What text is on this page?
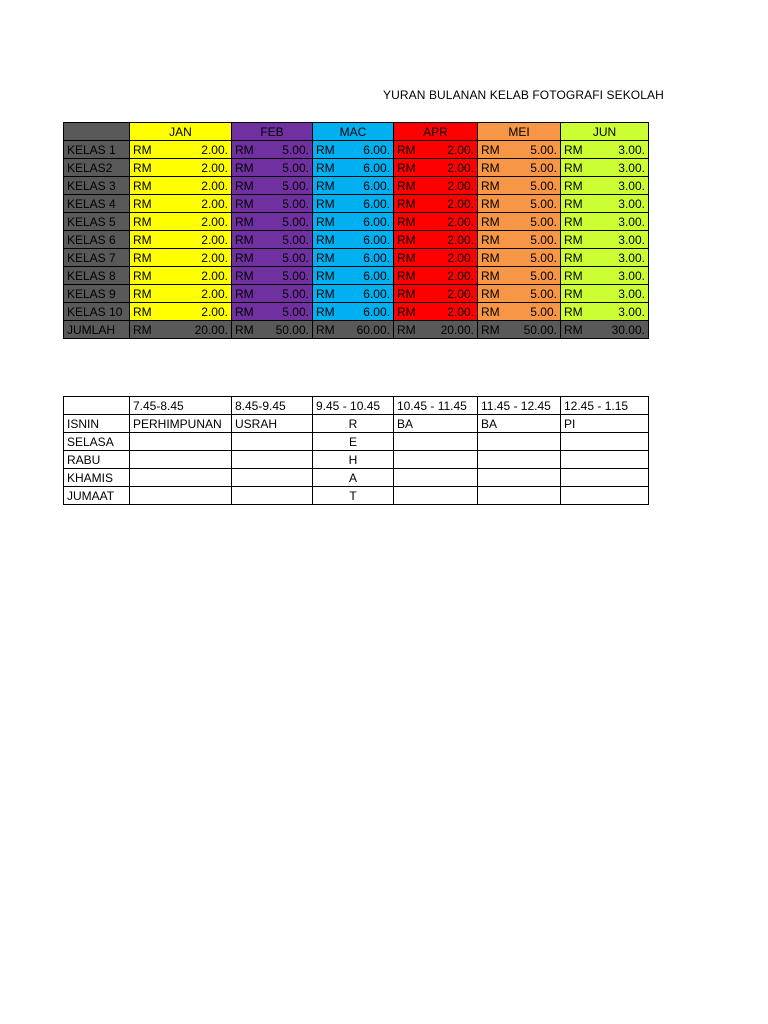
YURAN BULANAN KELAB FOTOGRAFI SEKOLAH
	JAN	FEB	MAC	APR	MEI	JUN
KELAS 1	RM 2.00.	RM 5.00.	RM 6.00.	RM 2.00.	RM 5.00.	RM 3.00.

KELAS2	RM 2.00.	RM 5.00.	RM 6.00.	RM 2.00.	RM 5.00.	RM 3.00.

KELAS 3	RM 2.00.	RM 5.00.	RM 6.00.	RM 2.00.	RM 5.00.	RM 3.00.

KELAS 4	RM 2.00.	RM 5.00.	RM 6.00.	RM 2.00.	RM 5.00.	RM 3.00.

KELAS 5	RM 2.00.	RM 5.00.	RM 6.00.	RM 2.00.	RM 5.00.	RM 3.00.

KELAS 6	RM 2.00.	RM 5.00.	RM 6.00.	RM 2.00.	RM 5.00.	RM 3.00.

KELAS 7	RM 2.00.	RM 5.00.	RM 6.00.	RM 2.00.	RM 5.00.	RM 3.00.

KELAS 8	RM 2.00.	RM 5.00.	RM 6.00.	RM 2.00.	RM 5.00.	RM 3.00.

KELAS 9	RM 2.00.	RM 5.00.	RM 6.00.	RM 2.00.	RM 5.00.	RM 3.00.

KELAS 10	RM 2.00.	RM 5.00.	RM 6.00.	RM 2.00.	RM 5.00.	RM 3.00.

JUMLAH	RM 20.00.	RM 50.00.	RM 60.00.	RM 20.00.	RM 50.00.	RM 30.00.
	7.45-8.45	8.45-9.45	9.45 - 10.45	10.45 - 11.45	11.45 - 12.45	12.45 - 1.15
ISNIN	PERHIMPUNAN	USRAH	R	BA	BA	PI
SELASA			E			
RABU			H			
KHAMIS			A			
JUMAAT			T			
